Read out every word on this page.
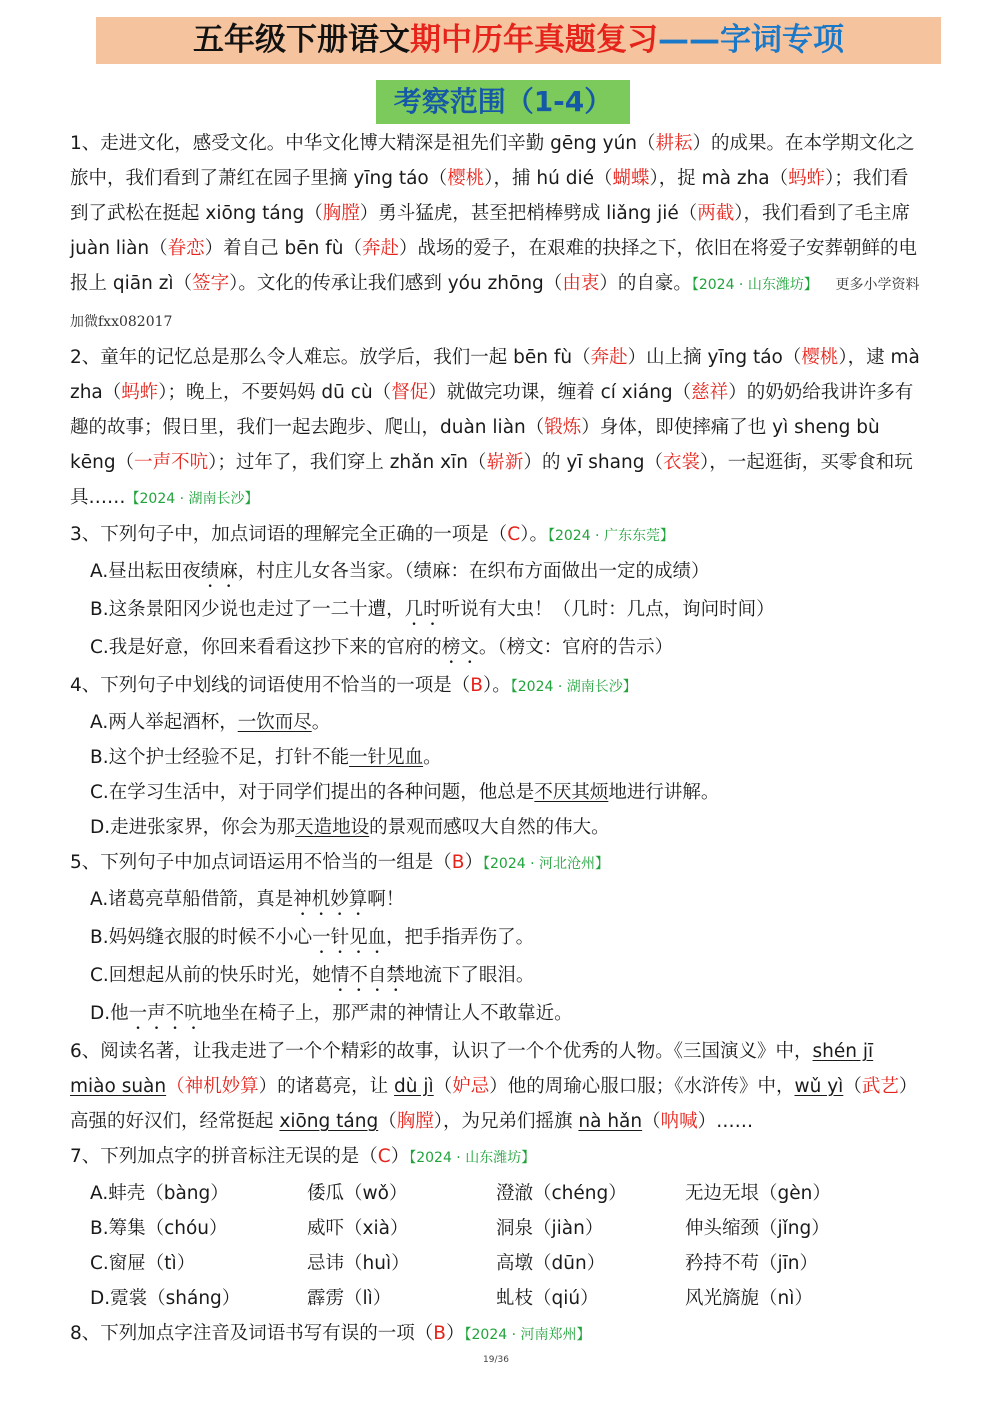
五年级下册语文期中历年真题复习——字词专项
考察范围（1-4）

1、走进文化，感受文化。中华文化博大精深是祖先们辛勤 gēng yún（耕耘）的成果。在本学期文化之旅中，我们看到了萧红在园子里摘 yīng táo（樱桃），捕 hú dié（蝴蝶），捉 mà zha（蚂蚱）；我们看到了武松在挺起 xiōng táng（胸膛）勇斗猛虎，甚至把梢棒劈成 liǎng jié（两截），我们看到了毛主席 juàn liàn（眷恋）着自己 bēn fù（奔赴）战场的爱子，在艰难的抉择之下，依旧在将爱子安葬朝鲜的电报上 qiān zì（签字）。文化的传承让我们感到 yóu zhōng（由衷）的自豪。【2024 · 山东潍坊】 更多小学资料加微fxx082017

2、童年的记忆总是那么令人难忘。放学后，我们一起 bēn fù（奔赴）山上摘 yīng táo（樱桃），逮 mà zha（蚂蚱）；晚上，不要妈妈 dū cù（督促）就做完功课，缠着 cí xiáng（慈祥）的奶奶给我讲许多有趣的故事；假日里，我们一起去跑步、爬山，duàn liàn（锻炼）身体，即使摔痛了也 yì sheng bù kēng（一声不吭）；过年了，我们穿上 zhǎn xīn（崭新）的 yī shang（衣裳），一起逛街，买零食和玩具……【2024 · 湖南长沙】

3、下列句子中，加点词语的理解完全正确的一项是（C）。【2024 · 广东东莞】

A.昼出耘田夜绩麻，村庄儿女各当家。（绩麻：在织布方面做出一定的成绩）

B.这条景阳冈少说也走过了一二十遭，几时听说有大虫！（几时：几点，询问时间）

C.我是好意，你回来看看这抄下来的官府的榜文。（榜文：官府的告示）

4、下列句子中划线的词语使用不恰当的一项是（B）。【2024 · 湖南长沙】

A.两人举起酒杯，一饮而尽。

B.这个护士经验不足，打针不能一针见血。

C.在学习生活中，对于同学们提出的各种问题，他总是不厌其烦地进行讲解。

D.走进张家界，你会为那天造地设的景观而感叹大自然的伟大。

5、下列句子中加点词语运用不恰当的一组是（B）【2024 · 河北沧州】

A.诸葛亮草船借箭，真是神机妙算啊！

B.妈妈缝衣服的时候不小心一针见血，把手指弄伤了。

C.回想起从前的快乐时光，她情不自禁地流下了眼泪。

D.他一声不吭地坐在椅子上，那严肃的神情让人不敢靠近。

6、阅读名著，让我走进了一个个精彩的故事，认识了一个个优秀的人物。《三国演义》中，shén jī miào suàn（神机妙算）的诸葛亮，让 dù jì（妒忌）他的周瑜心服口服；《水浒传》中，wǔ yì（武艺）高强的好汉们，经常挺起 xiōng táng（胸膛），为兄弟们摇旗 nà hǎn（呐喊）……

7、下列加点字的拼音标注无误的是（C）【2024 · 山东潍坊】

A.蚌壳（bàng）	倭瓜（wǒ）	澄澈（chéng）	无边无垠（gèn）
B.筹集（chóu）	威吓（xià）	洞泉（jiàn）	伸头缩颈（jǐng）
C.窗屉（tì）	忌讳（huì）	高墩（dūn）	矜持不苟（jīn）
D.霓裳（sháng）	霹雳（lì）	虬枝（qiú）	风光旖旎（nì）

8、下列加点字注音及词语书写有误的一项（B）【2024 · 河南郑州】

19/36
